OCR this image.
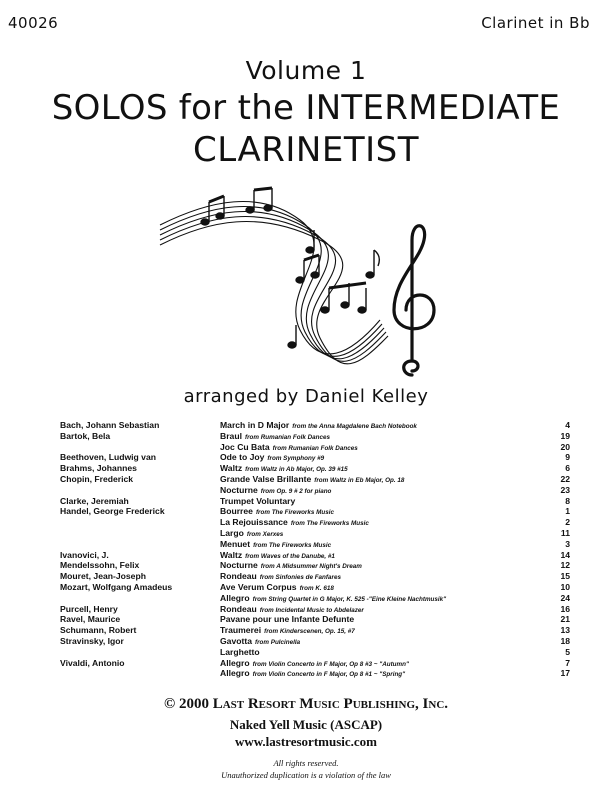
40026	Clarinet in Bb
Volume 1
SOLOS for the INTERMEDIATE
CLARINETIST
arranged by Daniel Kelley
Bach, Johann Sebastian	March in D Major from the Anna Magdalene Bach Notebook	4
Bartok, Bela	Braul from Rumanian Folk Dances	19
Joc Cu Bata from Rumanian Folk Dances	20
Beethoven, Ludwig van	Ode to Joy from Symphony #9	9
Brahms, Johannes	Waltz from Waltz in Ab Major, Op. 39 #15	6
Chopin, Frederick	Grande Valse Brillante from Waltz in Eb Major, Op. 18	22
Nocturne from Op. 9 # 2 for piano	23
Clarke, Jeremiah	Trumpet Voluntary	8
Handel, George Frederick	Bourree from The Fireworks Music	1
La Rejouissance from The Fireworks Music	2
Largo from Xerxes	11
Menuet from The Fireworks Music	3
Ivanovici, J.	Waltz from Waves of the Danube, #1	14
Mendelssohn, Felix	Nocturne from A Midsummer Night's Dream	12
Mouret, Jean-Joseph	Rondeau from Sinfonies de Fanfares	15
Mozart, Wolfgang Amadeus	Ave Verum Corpus from K. 618	10
Allegro from String Quartet in G Major, K. 525 -"Eine Kleine Nachtmusik"	24
Purcell, Henry	Rondeau from Incidental Music to Abdelazer	16
Ravel, Maurice	Pavane pour une Infante Defunte	21
Schumann, Robert	Traumerei from Kinderscenen, Op. 15, #7	13
Stravinsky, Igor	Gavotta from Pulcinella	18
Larghetto	5
Vivaldi, Antonio	Allegro from Violin Concerto in F Major, Op 8 #3 ~ "Autumn"	7
Allegro from Violin Concerto in F Major, Op 8 #1 ~ "Spring"	17
© 2000 Last Resort Music Publishing, Inc.
Naked Yell Music (ASCAP)
www.lastresortmusic.com
All rights reserved.
Unauthorized duplication is a violation of the law
